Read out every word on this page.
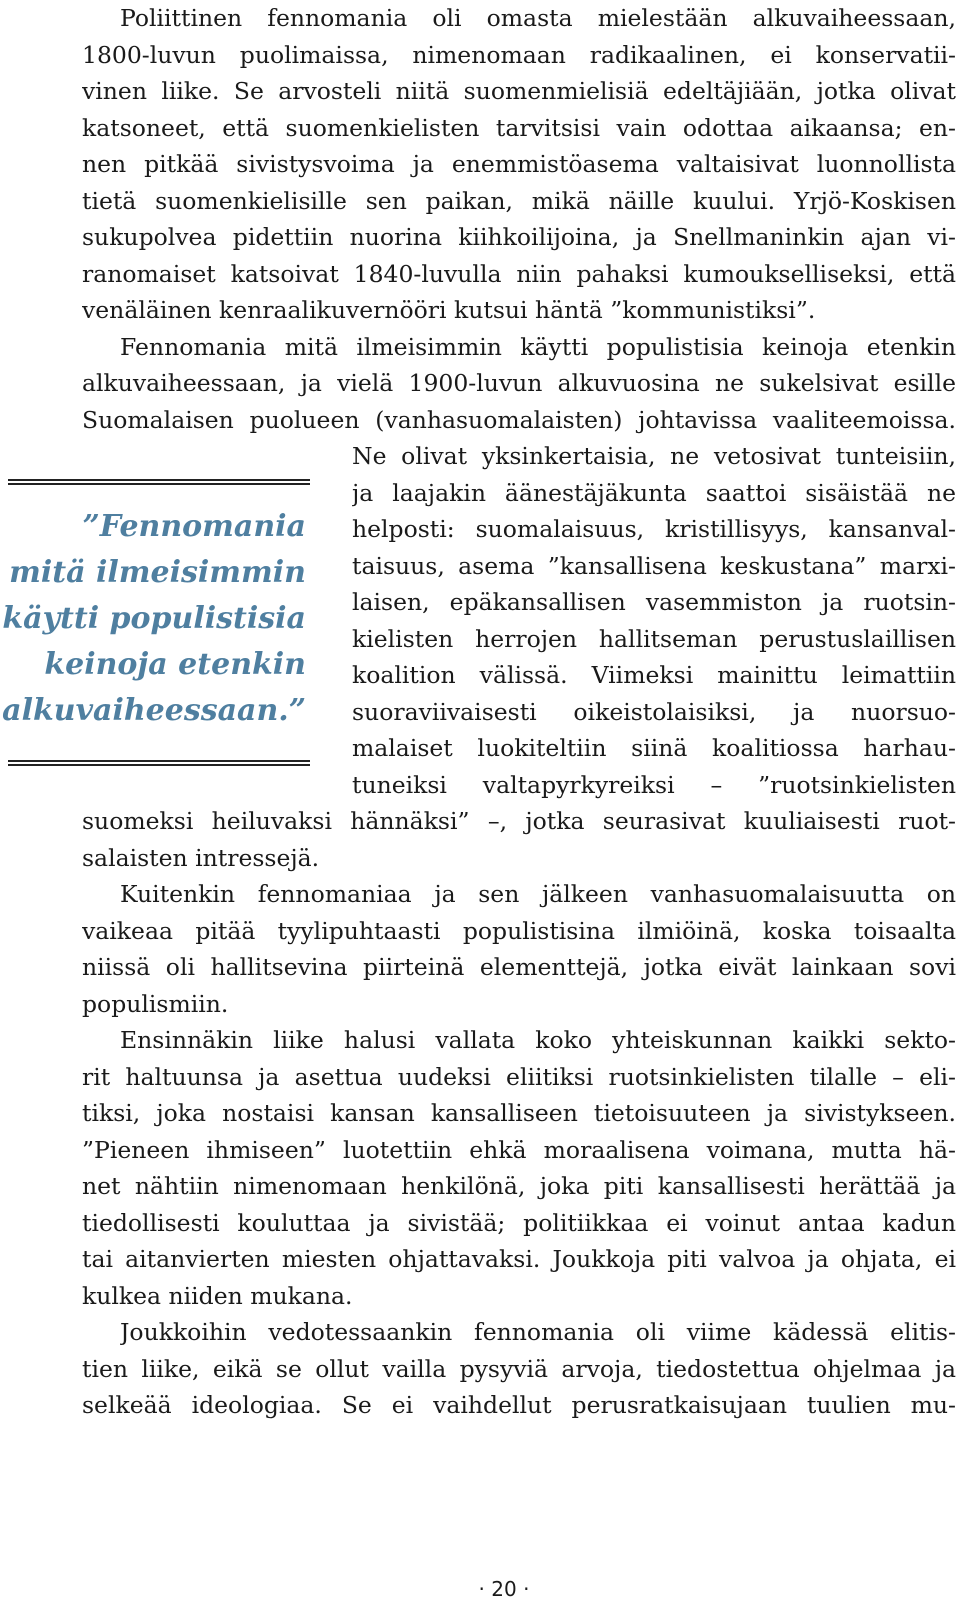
Poliittinen fennomania oli omasta mielestään alkuvaiheessaan,
1800-luvun puolimaissa, nimenomaan radikaalinen, ei konservatii-
vinen liike. Se arvosteli niitä suomenmielisiä edeltäjiään, jotka olivat
katsoneet, että suomenkielisten tarvitsisi vain odottaa aikaansa; en-
nen pitkää sivistysvoima ja enemmistöasema valtaisivat luonnollista
tietä suomenkielisille sen paikan, mikä näille kuului. Yrjö-Koskisen
sukupolvea pidettiin nuorina kiihkoilijoina, ja Snellmaninkin ajan vi-
ranomaiset katsoivat 1840-luvulla niin pahaksi kumoukselliseksi, että
venäläinen kenraalikuvernööri kutsui häntä ”kommunistiksi”.
Fennomania mitä ilmeisimmin käytti populistisia keinoja etenkin
alkuvaiheessaan, ja vielä 1900-luvun alkuvuosina ne sukelsivat esille
Suomalaisen puolueen (vanhasuomalaisten) johtavissa vaaliteemoissa.
Ne olivat yksinkertaisia, ne vetosivat tunteisiin,
ja laajakin äänestäjäkunta saattoi sisäistää ne
helposti: suomalaisuus, kristillisyys, kansanval-
taisuus, asema ”kansallisena keskustana” marxi-
laisen, epäkansallisen vasemmiston ja ruotsin-
kielisten herrojen hallitseman perustuslaillisen
koalition välissä. Viimeksi mainittu leimattiin
suoraviivaisesti oikeistolaisiksi, ja nuorsuo-
malaiset luokiteltiin siinä koalitiossa harhau-
tuneiksi valtapyrkyreiksi – ”ruotsinkielisten
suomeksi heiluvaksi hännäksi” –, jotka seurasivat kuuliaisesti ruot-
salaisten intressejä.
Kuitenkin fennomaniaa ja sen jälkeen vanhasuomalaisuutta on
vaikeaa pitää tyylipuhtaasti populistisina ilmiöinä, koska toisaalta
niissä oli hallitsevina piirteinä elementtejä, jotka eivät lainkaan sovi
populismiin.
Ensinnäkin liike halusi vallata koko yhteiskunnan kaikki sekto-
rit haltuunsa ja asettua uudeksi eliitiksi ruotsinkielisten tilalle – eli-
tiksi, joka nostaisi kansan kansalliseen tietoisuuteen ja sivistykseen.
”Pieneen ihmiseen” luotettiin ehkä moraalisena voimana, mutta hä-
net nähtiin nimenomaan henkilönä, joka piti kansallisesti herättää ja
tiedollisesti kouluttaa ja sivistää; politiikkaa ei voinut antaa kadun
tai aitanvierten miesten ohjattavaksi. Joukkoja piti valvoa ja ohjata, ei
kulkea niiden mukana.
Joukkoihin vedotessaankin fennomania oli viime kädessä elitis-
tien liike, eikä se ollut vailla pysyviä arvoja, tiedostettua ohjelmaa ja
selkeää ideologiaa. Se ei vaihdellut perusratkaisujaan tuulien mu-
”Fennomania
mitä ilmeisimmin
käytti populistisia
keinoja etenkin
alkuvaiheessaan.”
· 20 ·
